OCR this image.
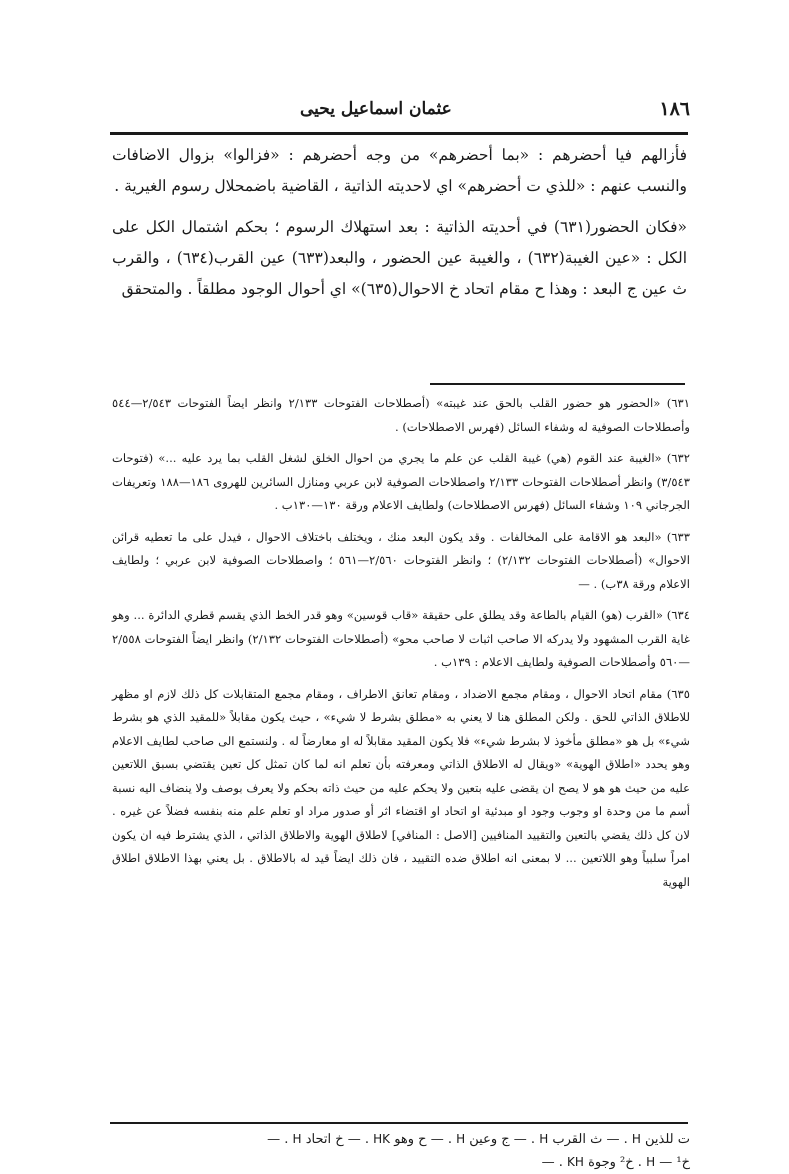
١٨٦
عثمان اسماعيل يحيى

فأزالهم فيا أحضرهم : «بما أحضرهم» من وجه أحضرهم : «فزالوا» بزوال الاضافات والنسب عنهم : «للذي ت أحضرهم» اي لاحديته الذاتية ، القاضية باضمحلال رسوم الغيرية .

«فكان الحضور(٦٣١) في أحديته الذاتية : بعد استهلاك الرسوم ؛ بحكم اشتمال الكل على الكل : «عين الغيبة(٦٣٢) ، والغيبة عين الحضور ، والبعد(٦٣٣) عين القرب(٦٣٤) ، والقرب ث عين ج البعد : وهذا ح مقام اتحاد خ الاحوال(٦٣٥)» اي أحوال الوجود مطلقاً . والمتحقق

٦٣١) «الحضور هو حضور القلب بالحق عند غيبته» (أصطلاحات الفتوحات ٢/١٣٣ وانظر ايضاً الفتوحات ٢/٥٤٣—٥٤٤ وأصطلاحات الصوفية له وشفاء السائل (فهرس الاصطلاحات) .

٦٣٢) «الغيبة عند القوم (هي) غيبة القلب عن علم ما يجري من احوال الخلق لشغل القلب بما يرد عليه ...» (فتوحات ٣/٥٤٣) وانظر أصطلاحات الفتوحات ٢/١٣٣ واصطلاحات الصوفية لابن عربي ومنازل السائرين للهروى ١٨٦—١٨٨ وتعريفات الجرجاني ١٠٩ وشفاء السائل (فهرس الاصطلاحات) ولطايف الاعلام ورقة ١٣٠—١٣٠ب .

٦٣٣) «البعد هو الاقامة على المخالفات . وقد يكون البعد منك ، ويختلف باختلاف الاحوال ، فيدل على ما تعطيه قرائن الاحوال» (أصطلاحات الفتوحات ٢/١٣٢) ؛ وانظر الفتوحات ٢/٥٦٠—٥٦١ ؛ واصطلاحات الصوفية لابن عربي ؛ ولطايف الاعلام ورقة ٣٨ب) . —

٦٣٤) «القرب (هو) القيام بالطاعة وقد يطلق على حقيقة «قاب قوسين» وهو قدر الخط الذي يقسم قطري الدائرة ... وهو غاية القرب المشهود ولا يدركه الا صاحب اثبات لا صاحب محو» (أصطلاحات الفتوحات ٢/١٣٢) وانظر ايضاً الفتوحات ٢/٥٥٨—٥٦٠ وأصطلاحات الصوفية ولطايف الاعلام : ١٣٩ب .

٦٣٥) مقام اتحاد الاحوال ، ومقام مجمع الاضداد ، ومقام تعانق الاطراف ، ومقام مجمع المتقابلات كل ذلك لازم او مظهر للاطلاق الذاتي للحق . ولكن المطلق هنا لا يعني به «مطلق بشرط لا شيء» ، حيث يكون مقابلاً «للمقيد الذي هو بشرط شيء» بل هو «مطلق مأخوذ لا بشرط شيء» فلا يكون المقيد مقابلاً له او معارضاً له . ولنستمع الى صاحب لطايف الاعلام وهو يحدد «اطلاق الهوية» «ويقال له الاطلاق الذاتي ومعرفته بأن تعلم انه لما كان تمثل كل تعين يقتضي بسبق اللاتعين عليه من حيث هو هو لا يصح ان يقضى عليه بتعين ولا يحكم عليه من حيث ذاته بحكم ولا يعرف بوصف ولا ينضاف اليه نسبة أسم ما من وحدة او وجوب وجود او مبدئية او اتحاد او اقتضاء اثر أو صدور مراد او تعلم علم منه بنفسه فضلاً عن غيره . لان كل ذلك يقضي بالتعين والتقييد المنافيين [الاصل : المنافي] لاطلاق الهوية والاطلاق الذاتي ، الذي يشترط فيه ان يكون امراً سلبياً وهو اللاتعين ... لا بمعنى انه اطلاق ضده التقييد ، فان ذلك ايضاً قيد له بالاطلاق . بل يعني بهذا الاطلاق اطلاق الهوية

ت للذين H . — ث القرب H . — ج وعين H . — ح وهو HK . — خ اتحاد H . —

خ¹ — H . خ² وجوة KH . —
